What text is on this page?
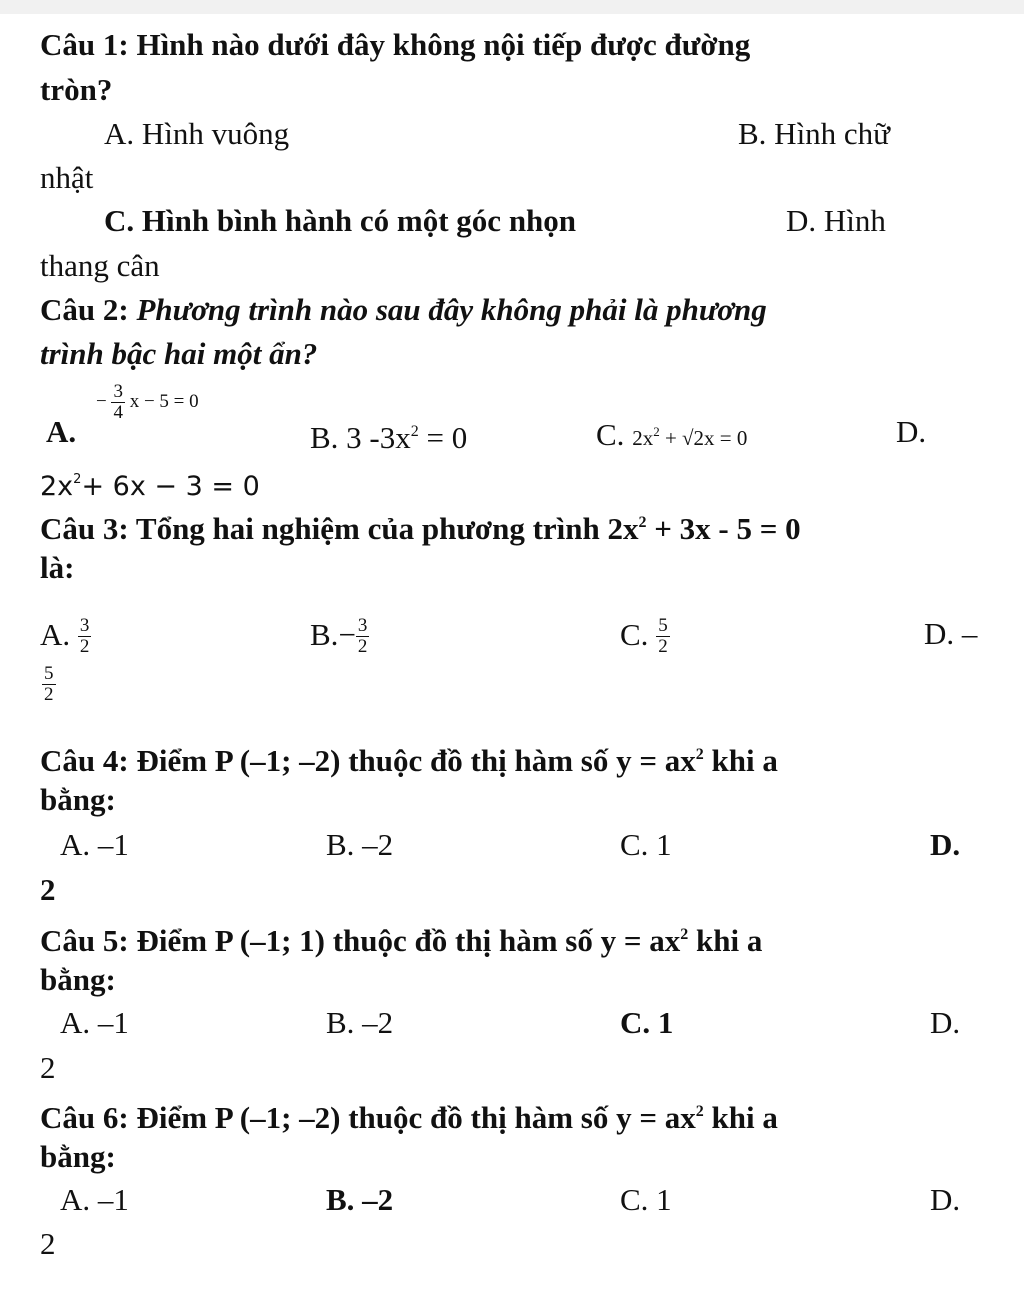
Câu 1: Hình nào dưới đây không nội tiếp được đường
tròn?
A. Hình vuông	B. Hình chữ
nhật
C. Hình bình hành có một góc nhọn	D. Hình
thang cân
Câu 2: Phương trình nào sau đây không phải là phương
trình bậc hai một ẩn?
A.
− $\frac{3}{4}$ x − 5 = 0
B. 3 $-3x^2 = 0$	C. $2x^2 + √2x = 0$	D.
$2x^2+ 6x - 3 = 0$
Câu 3: Tổng hai nghiệm của phương trình $2x^2 + 3x - 5 = 0$
là:
A. $\frac{3}{2}$	$B.- \frac{3}{2}$	C. $\frac{5}{2}$	D. –
$\frac{5}{2}$
Câu 4: Điểm P (–1; –2) thuộc đồ thị hàm số $y = ax^2$ khi a
bằng:
A. –1	B. –2	C. 1	D.
2
Câu 5: Điểm P (–1; 1) thuộc đồ thị hàm số $y = ax^2$ khi a
bằng:
A. –1	B. –2	C. 1	D.
2
Câu 6: Điểm P (–1; –2) thuộc đồ thị hàm số $y = ax^2$ khi a
bằng:
A. –1	B. –2	C. 1	D.
2
